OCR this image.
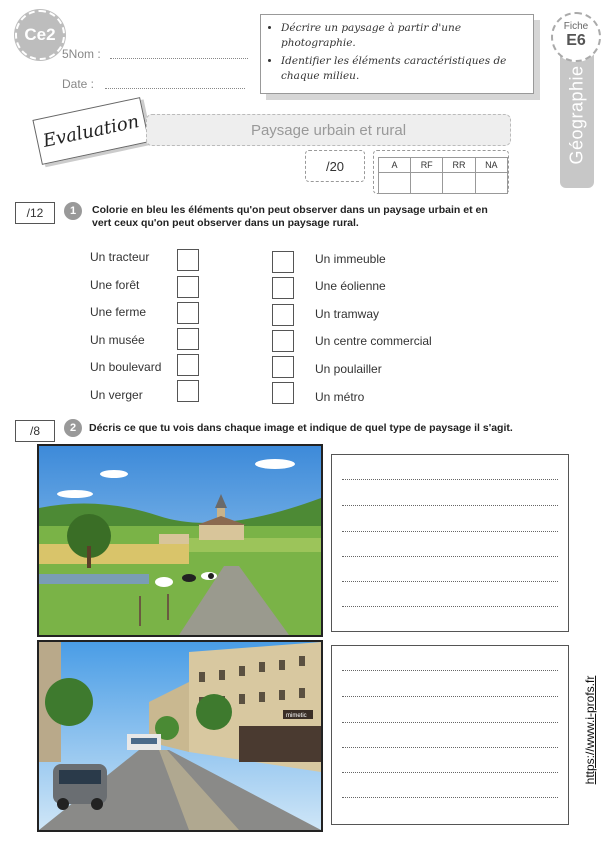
Ce2
5Nom :
Date :
• Décrire un paysage à partir d'une photographie.
• Identifier les éléments caractéristiques de chaque milieu.	Géographie
Fiche
E6
Evaluation	Paysage urbain et rural
/20	A	RF	RR	NA

/12	1	Colorie en bleu les éléments qu'on peut observer dans un paysage urbain et en vert ceux qu'on peut observer dans un paysage rural.
Un tracteur
Une forêt
Une ferme
Un musée
Un boulevard
Un verger
Un immeuble
Une éolienne
Un tramway
Un centre commercial
Un poulailler
Un métro
/8	2	Décris ce que tu vois dans chaque image et indique de quel type de paysage il s'agit.
mimetic	https://www.i-profs.fr
